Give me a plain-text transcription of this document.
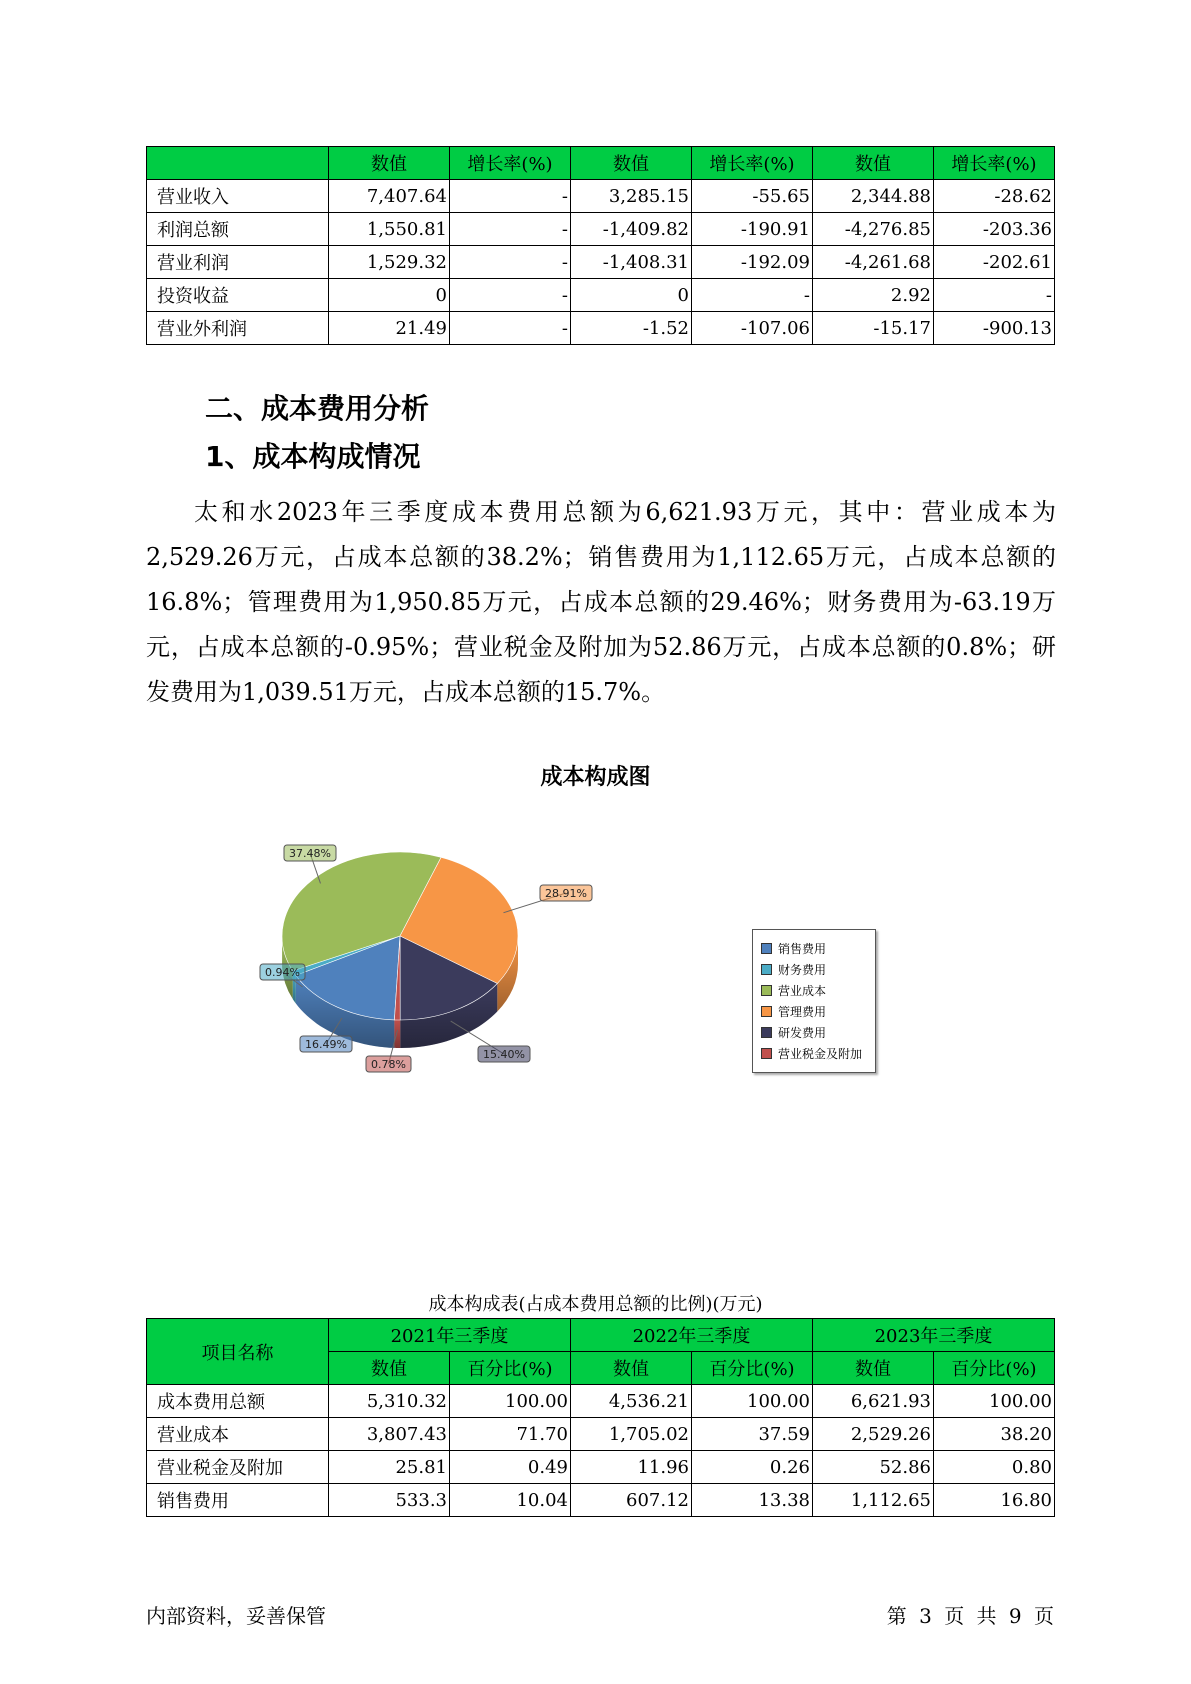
	数值	增长率(%)	数值	增长率(%)	数值	增长率(%)
营业收入	7,407.64	-	3,285.15	-55.65	2,344.88	-28.62
利润总额	1,550.81	-	-1,409.82	-190.91	-4,276.85	-203.36
营业利润	1,529.32	-	-1,408.31	-192.09	-4,261.68	-202.61
投资收益	0	-	0	-	2.92	-
营业外利润	21.49	-	-1.52	-107.06	-15.17	-900.13
二、成本费用分析
1、成本构成情况

太和水2023年三季度成本费用总额为6,621.93万元，其中：营业成本为2,529.26万元，占成本总额的38.2%；销售费用为1,112.65万元，占成本总额的16.8%；管理费用为1,950.85万元，占成本总额的29.46%；财务费用为-63.19万元，占成本总额的-0.95%；营业税金及附加为52.86万元，占成本总额的0.8%；研发费用为1,039.51万元，占成本总额的15.7%。

成本构成图
16.49%
0.94%
37.48%
28.91%
15.40%
0.78%
销售费用
财务费用
营业成本
管理费用
研发费用
营业税金及附加
成本构成表(占成本费用总额的比例)(万元)
项目名称	2021年三季度		2022年三季度		2023年三季度	
	数值	百分比(%)	数值	百分比(%)	数值	百分比(%)
成本费用总额	5,310.32	100.00	4,536.21	100.00	6,621.93	100.00
营业成本	3,807.43	71.70	1,705.02	37.59	2,529.26	38.20
营业税金及附加	25.81	0.49	11.96	0.26	52.86	0.80
销售费用	533.3	10.04	607.12	13.38	1,112.65	16.80
内部资料，妥善保管	第 3 页 共 9 页
